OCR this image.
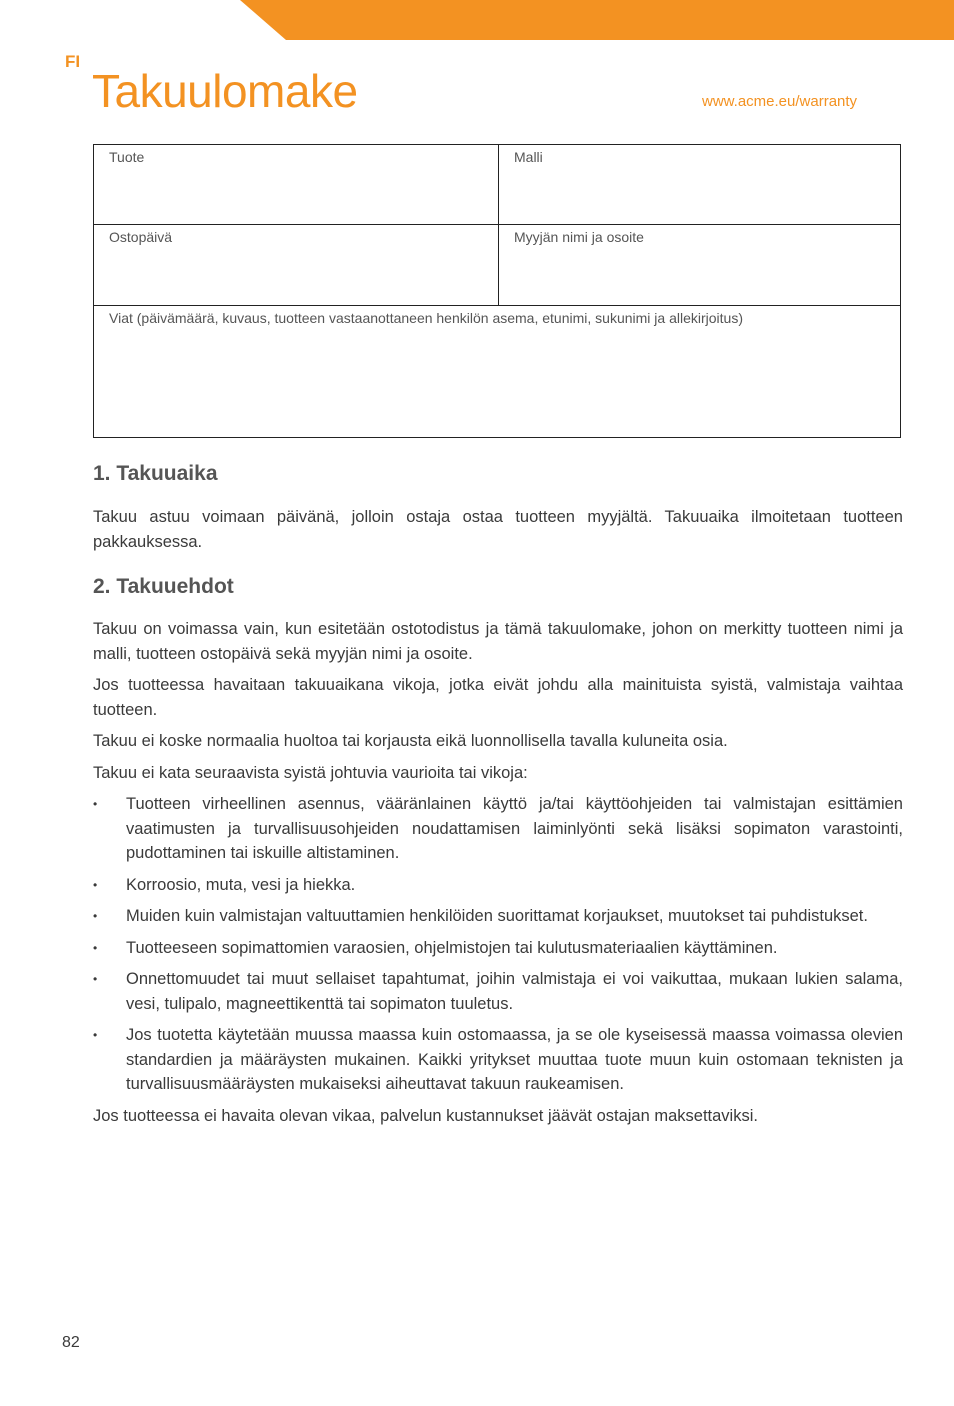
FI
Takuulomake	www.acme.eu/warranty
Tuote	Malli
Ostopäivä	Myyjän nimi ja osoite
Viat (päivämäärä, kuvaus, tuotteen vastaanottaneen henkilön asema, etunimi, sukunimi ja allekirjoitus)
1. Takuuaika

Takuu astuu voimaan päivänä, jolloin ostaja ostaa tuotteen myyjältä. Takuuaika ilmoitetaan tuotteen pakkauksessa.

2. Takuuehdot

Takuu on voimassa vain, kun esitetään ostotodistus ja tämä takuulomake, johon on merkitty tuotteen nimi ja malli, tuotteen ostopäivä sekä myyjän nimi ja osoite.

Jos tuotteessa havaitaan takuuaikana vikoja, jotka eivät johdu alla mainituista syistä, valmistaja vaihtaa tuotteen.

Takuu ei koske normaalia huoltoa tai korjausta eikä luonnollisella tavalla kuluneita osia.

Takuu ei kata seuraavista syistä johtuvia vaurioita tai vikoja:

• Tuotteen virheellinen asennus, vääränlainen käyttö ja/tai käyttöohjeiden tai valmistajan esittämien vaatimusten ja turvallisuusohjeiden noudattamisen laiminlyönti sekä lisäksi sopimaton varastointi, pudottaminen tai iskuille altistaminen.
• Korroosio, muta, vesi ja hiekka.
• Muiden kuin valmistajan valtuuttamien henkilöiden suorittamat korjaukset, muutokset tai puhdistukset.
• Tuotteeseen sopimattomien varaosien, ohjelmistojen tai kulutusmateriaalien käyttäminen.
• Onnettomuudet tai muut sellaiset tapahtumat, joihin valmistaja ei voi vaikuttaa, mukaan lukien salama, vesi, tulipalo, magneettikenttä tai sopimaton tuuletus.
• Jos tuotetta käytetään muussa maassa kuin ostomaassa, ja se ole kyseisessä maassa voimassa olevien standardien ja määräysten mukainen. Kaikki yritykset muuttaa tuote muun kuin ostomaan teknisten ja turvallisuusmääräysten mukaiseksi aiheuttavat takuun raukeamisen.

Jos tuotteessa ei havaita olevan vikaa, palvelun kustannukset jäävät ostajan maksettaviksi.

82
